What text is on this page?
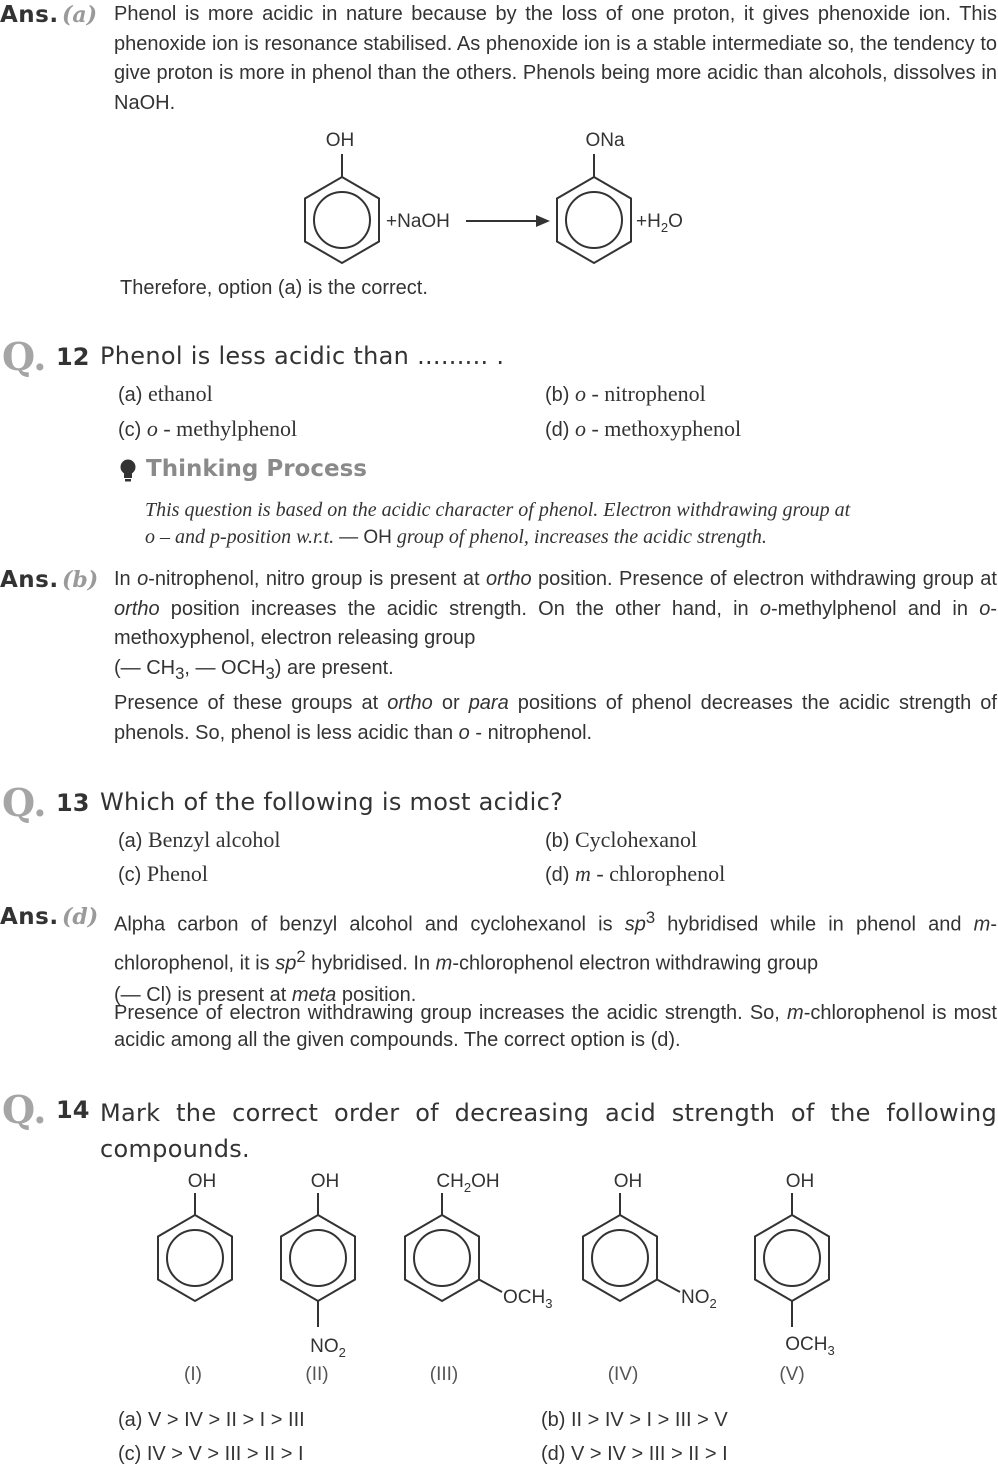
Ans. (a) Phenol is more acidic in nature because by the loss of one proton, it gives phenoxide ion. This phenoxide ion is resonance stabilised. As phenoxide ion is a stable intermediate so, the tendency to give proton is more in phenol than the others. Phenols being more acidic than alcohols, dissolves in NaOH.
OH
+NaOH
ONa
$+H_2O$
Therefore, option (a) is the correct.
Q. 12 Phenol is less acidic than ......... .
(a) ethanol	(b) o - nitrophenol
(c) o - methylphenol	(d) o - methoxyphenol
Thinking Process
This question is based on the acidic character of phenol. Electron withdrawing group at
o – and p-position w.r.t. — OH group of phenol, increases the acidic strength.
Ans. (b) In o-nitrophenol, nitro group is present at ortho position. Presence of electron withdrawing group at ortho position increases the acidic strength. On the other hand, in o-methylphenol and in o-methoxyphenol, electron releasing group
(— $CH_3$, — $OCH_3$) are present.
Presence of these groups at ortho or para positions of phenol decreases the acidic strength of phenols. So, phenol is less acidic than o - nitrophenol.
Q. 13 Which of the following is most acidic?
(a) Benzyl alcohol	(b) Cyclohexanol
(c) Phenol	(d) m - chlorophenol
Ans. (d) Alpha carbon of benzyl alcohol and cyclohexanol is $sp^3$ hybridised while in phenol and m-chlorophenol, it is $sp^2$ hybridised. In m-chlorophenol electron withdrawing group
(— Cl) is present at meta position.
Presence of electron withdrawing group increases the acidic strength. So, m-chlorophenol is most acidic among all the given compounds. The correct option is (d).
Q. 14 Mark the correct order of decreasing acid strength of the following compounds.
OH
(I)
OH
$NO_2$
(II)
$CH_2OH$
$OCH_3$
(III)
OH
$NO_2$
(IV)
OH
$OCH_3$
(V)
(a) V > IV > II > I > III	(b) II > IV > I > III > V
(c) IV > V > III > II > I	(d) V > IV > III > II > I
